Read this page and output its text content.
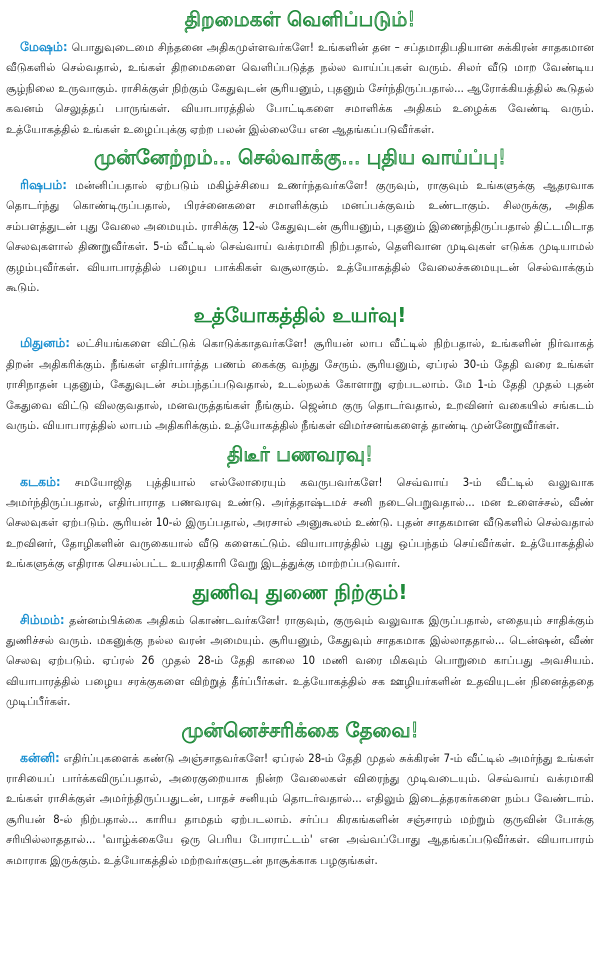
திறமைகள் வெளிப்படும்!

மேஷம்: பொதுவுடைமை சிந்தனை அதிகமுள்ளவர்களே! உங்களின் தன – சப்தமாதிபதியான சுக்கிரன் சாதகமான வீடுகளில் செல்வதால், உங்கள் திறமைகளை வெளிப்படுத்த நல்ல வாய்ப்புகள் வரும். சிலர் வீடு மாற வேண்டிய சூழ்நிலை உருவாகும். ராசிக்குள் நிற்கும் கேதுவுடன் சூரியனும், புதனும் சேர்ந்திருப்பதால்... ஆரோக்கியத்தில் கூடுதல் கவனம் செலுத்தப் பாருங்கள். வியாபாரத்தில் போட்டிகளை சமாளிக்க அதிகம் உழைக்க வேண்டி வரும். உத்யோகத்தில் உங்கள் உழைப்புக்கு ஏற்ற பலன் இல்லையே என ஆதங்கப்படுவீர்கள்.

முன்னேற்றம்... செல்வாக்கு... புதிய வாய்ப்பு!

ரிஷபம்: மன்னிப்பதால் ஏற்படும் மகிழ்ச்சியை உணர்ந்தவர்களே! குருவும், ராகுவும் உங்களுக்கு ஆதரவாக தொடர்ந்து கொண்டிருப்பதால், பிரச்னைகளை சமாளிக்கும் மனப்பக்குவம் உண்டாகும். சிலருக்கு, அதிக சம்பளத்துடன் புது வேலை அமையும். ராசிக்கு 12-ல் கேதுவுடன் சூரியனும், புதனும் இணைந்திருப்பதால் திட்டமிடாத செலவுகளால் திணறுவீர்கள். 5-ம் வீட்டில் செவ்வாய் வக்ரமாகி நிற்பதால், தெளிவான முடிவுகள் எடுக்க முடியாமல் குழம்புவீர்கள். வியாபாரத்தில் பழைய பாக்கிகள் வசூலாகும். உத்யோகத்தில் வேலைச்சுமையுடன் செல்வாக்கும் கூடும்.

உத்யோகத்தில் உயர்வு!

மிதுனம்: லட்சியங்களை விட்டுக் கொடுக்காதவர்களே! சூரியன் லாப வீட்டில் நிற்பதால், உங்களின் நிர்வாகத் திறன் அதிகரிக்கும். நீங்கள் எதிர்பார்த்த பணம் கைக்கு வந்து சேரும். சூரியனும், ஏப்ரல் 30-ம் தேதி வரை உங்கள் ராசிநாதன் புதனும், கேதுவுடன் சம்பந்தப்படுவதால், உடல்நலக் கோளாறு ஏற்படலாம். மே 1-ம் தேதி முதல் புதன் கேதுவை விட்டு விலகுவதால், மனவருத்தங்கள் நீங்கும். ஜென்ம குரு தொடர்வதால், உறவினர் வகையில் சங்கடம் வரும். வியாபாரத்தில் லாபம் அதிகரிக்கும். உத்யோகத்தில் நீங்கள் விமர்சனங்களைத் தாண்டி முன்னேறுவீர்கள்.

திடீர் பணவரவு!

கடகம்: சமயோஜித புத்தியால் எல்லோரையும் கவருபவர்களே! செவ்வாய் 3-ம் வீட்டில் வலுவாக அமர்ந்திருப்பதால், எதிர்பாராத பணவரவு உண்டு. அர்த்தாஷ்டமச் சனி நடைபெறுவதால்... மன உளைச்சல், வீண் செலவுகள் ஏற்படும். சூரியன் 10-ல் இருப்பதால், அரசால் அனுகூலம் உண்டு. புதன் சாதகமான வீடுகளில் செல்வதால் உறவினர், தோழிகளின் வருகையால் வீடு களைகட்டும். வியாபாரத்தில் புது ஒப்பந்தம் செய்வீர்கள். உத்யோகத்தில் உங்களுக்கு எதிராக செயல்பட்ட உயரதிகாரி வேறு இடத்துக்கு மாற்றப்படுவார்.

துணிவு துணை நிற்கும்!

சிம்மம்: தன்னம்பிக்கை அதிகம் கொண்டவர்களே! ராகுவும், குருவும் வலுவாக இருப்பதால், எதையும் சாதிக்கும் துணிச்சல் வரும். மகனுக்கு நல்ல வரன் அமையும். சூரியனும், கேதுவும் சாதகமாக இல்லாததால்... டென்ஷன், வீண் செலவு ஏற்படும். ஏப்ரல் 26 முதல் 28-ம் தேதி காலை 10 மணி வரை மிகவும் பொறுமை காப்பது அவசியம். வியாபாரத்தில் பழைய சரக்குகளை விற்றுத் தீர்ப்பீர்கள். உத்யோகத்தில் சக ஊழியர்களின் உதவியுடன் நினைத்ததை முடிப்பீர்கள்.

முன்னெச்சரிக்கை தேவை!

கன்னி: எதிர்ப்புகளைக் கண்டு அஞ்சாதவர்களே! ஏப்ரல் 28-ம் தேதி முதல் சுக்கிரன் 7-ம் வீட்டில் அமர்ந்து உங்கள் ராசியைப் பார்க்கவிருப்பதால், அரைகுறையாக நின்ற வேலைகள் விரைந்து முடிவடையும். செவ்வாய் வக்ரமாகி உங்கள் ராசிக்குள் அமர்ந்திருப்பதுடன், பாதச் சனியும் தொடர்வதால்... எதிலும் இடைத்தரகர்களை நம்ப வேண்டாம். சூரியன் 8-ல் நிற்பதால்... காரிய தாமதம் ஏற்படலாம். சர்ப்ப கிரகங்களின் சஞ்சாரம் மற்றும் குருவின் போக்கு சரியில்லாததால்... 'வாழ்க்கையே ஒரு பெரிய போராட்டம்' என அவ்வப்போது ஆதங்கப்படுவீர்கள். வியாபாரம் சுமாராக இருக்கும். உத்யோகத்தில் மற்றவர்களுடன் நாசூக்காக பழகுங்கள்.
